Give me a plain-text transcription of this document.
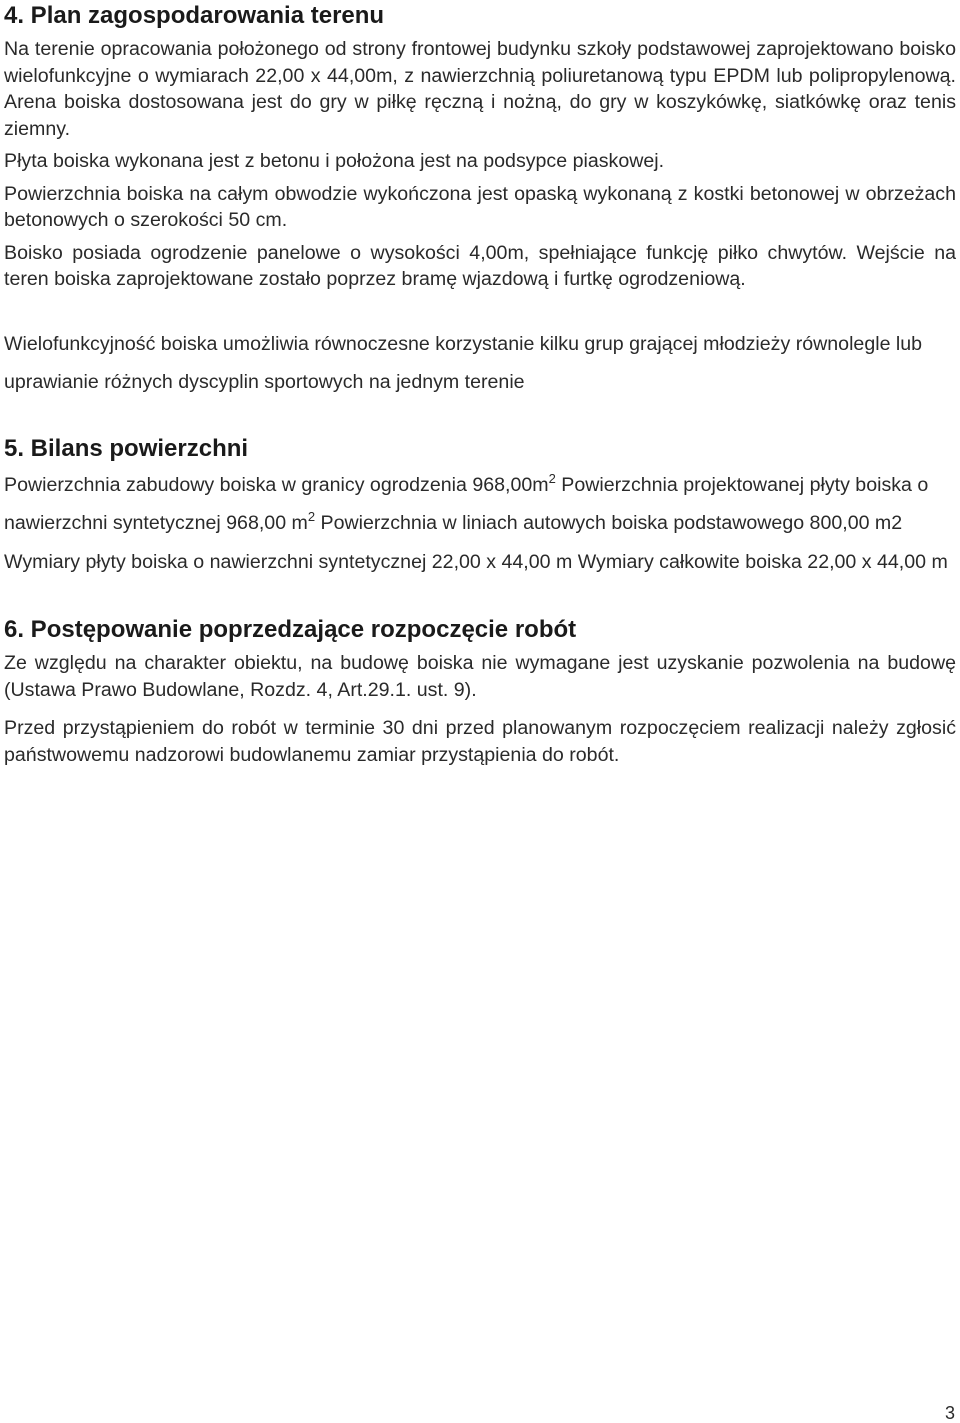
4. Plan zagospodarowania terenu

Na terenie opracowania położonego od strony frontowej budynku szkoły podstawowej zaprojektowano boisko wielofunkcyjne o wymiarach 22,00 x 44,00m, z nawierzchnią poliuretanową typu EPDM lub polipropylenową. Arena boiska dostosowana jest do gry w piłkę ręczną i nożną, do gry w koszykówkę, siatkówkę oraz tenis ziemny.

Płyta boiska wykonana jest z betonu i położona jest na podsypce piaskowej.

Powierzchnia boiska na całym obwodzie wykończona jest opaską wykonaną z kostki betonowej w obrzeżach betonowych o szerokości 50 cm.

Boisko posiada ogrodzenie panelowe o wysokości 4,00m, spełniające funkcję piłko chwytów. Wejście na teren boiska zaprojektowane zostało poprzez bramę wjazdową i furtkę ogrodzeniową.

Wielofunkcyjność boiska umożliwia równoczesne korzystanie kilku grup grającej młodzieży równolegle lub uprawianie różnych dyscyplin sportowych na jednym terenie

5. Bilans powierzchni

Powierzchnia zabudowy boiska w granicy ogrodzenia $968,00m^2$ Powierzchnia projektowanej płyty boiska o nawierzchni syntetycznej 968,00 $m^2$ Powierzchnia w liniach autowych boiska podstawowego 800,00 m2 Wymiary płyty boiska o nawierzchni syntetycznej 22,00 x 44,00 m Wymiary całkowite boiska 22,00 x 44,00 m

6. Postępowanie poprzedzające rozpoczęcie robót

Ze względu na charakter obiektu, na budowę boiska nie wymagane jest uzyskanie pozwolenia na budowę (Ustawa Prawo Budowlane, Rozdz. 4, Art.29.1. ust. 9).

Przed przystąpieniem do robót w terminie 30 dni przed planowanym rozpoczęciem realizacji należy zgłosić państwowemu nadzorowi budowlanemu zamiar przystąpienia do robót.

3
